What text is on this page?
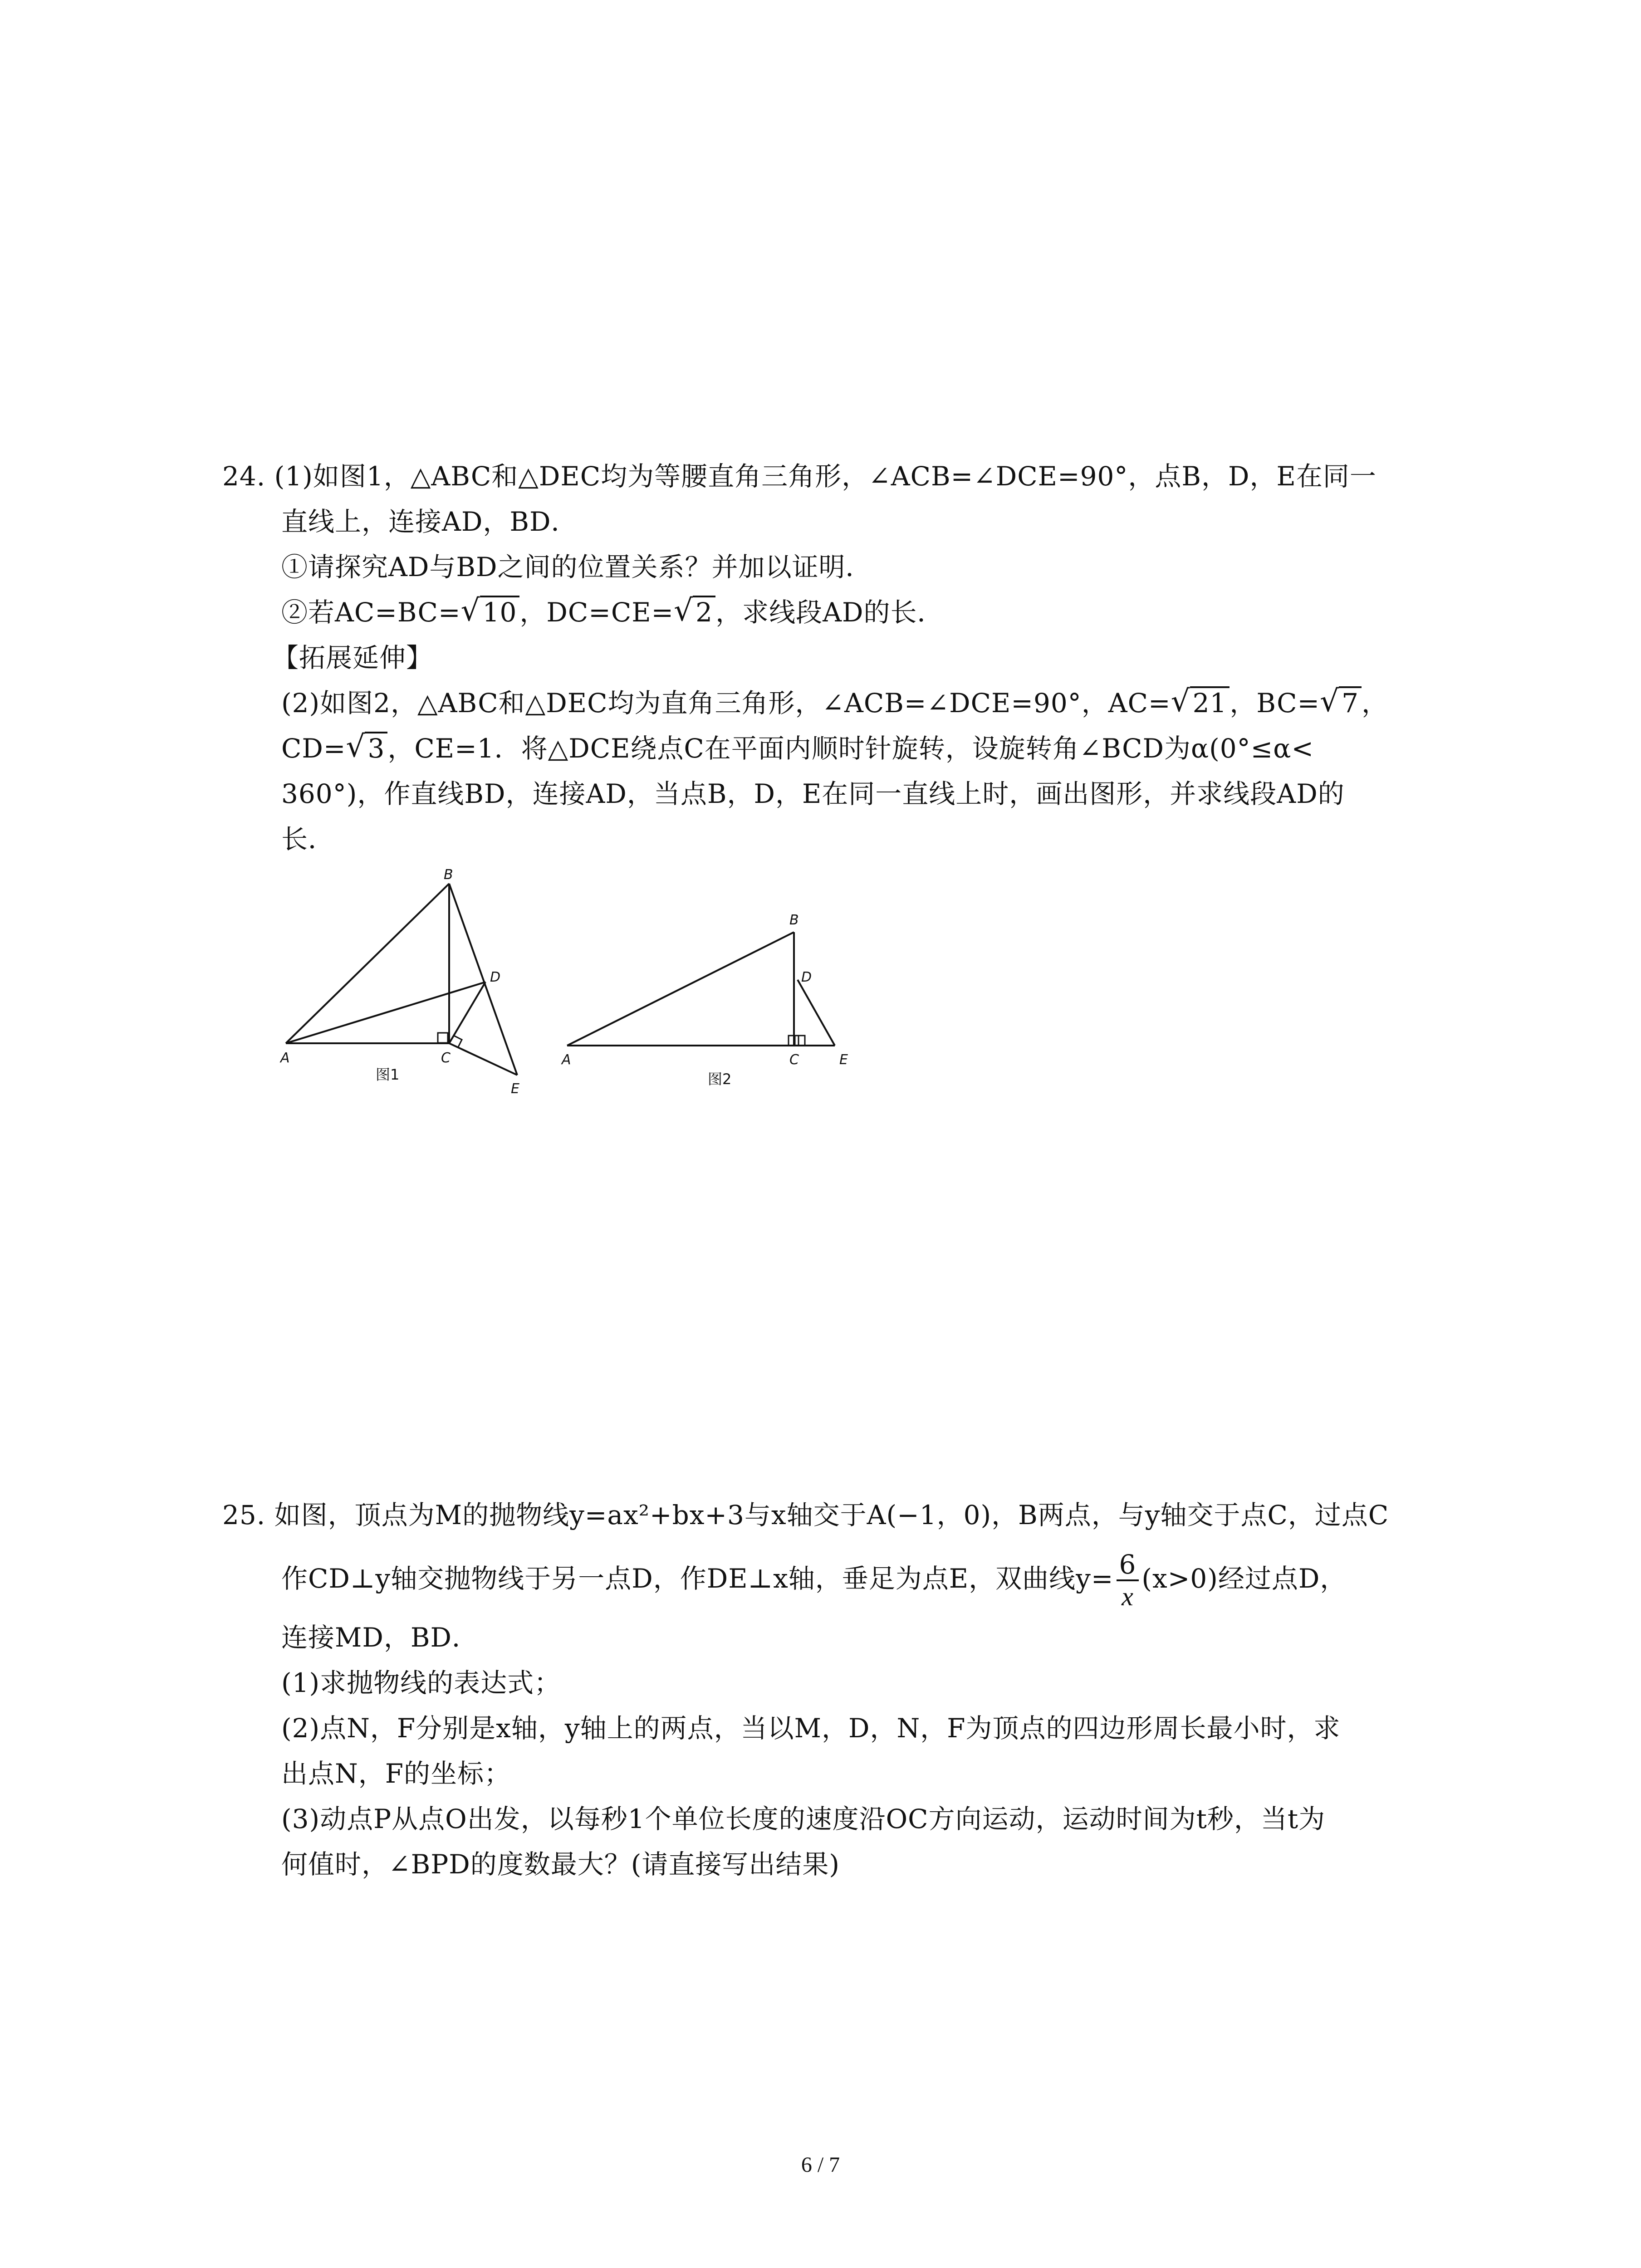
24. (1)如图1，△ABC和△DEC均为等腰直角三角形，∠ACB=∠DCE=90°，点B，D，E在同一
直线上，连接AD，BD．
①请探究AD与BD之间的位置关系？并加以证明．
②若AC=BC= √ 10 ，DC=CE= √ 2 ，求线段AD的长．
【拓展延伸】
(2)如图2，△ABC和△DEC均为直角三角形，∠ACB=∠DCE=90°，AC= √ 21 ，BC= √ 7 ，
CD= √ 3 ，CE=1．将△DCE绕点C在平面内顺时针旋转，设旋转角∠BCD为α(0°≤α<
360°)，作直线BD，连接AD，当点B，D，E在同一直线上时，画出图形，并求线段AD的
长．
A
B
C
D
E
图1
A
B
C
D
E
图2
25. 如图，顶点为M的抛物线y=ax²+bx+3与x轴交于A(−1，0)，B两点，与y轴交于点C，过点C
作CD⊥y轴交抛物线于另一点D，作DE⊥x轴，垂足为点E，双曲线$y= \frac{6}{x} (x>0)$经过点D，
连接MD，BD．
(1)求抛物线的表达式；
(2)点N，F分别是x轴，y轴上的两点，当以M，D，N，F为顶点的四边形周长最小时，求
出点N，F的坐标；
(3)动点P从点O出发，以每秒1个单位长度的速度沿OC方向运动，运动时间为t秒，当t为
何值时，∠BPD的度数最大？(请直接写出结果)
6 / 7
